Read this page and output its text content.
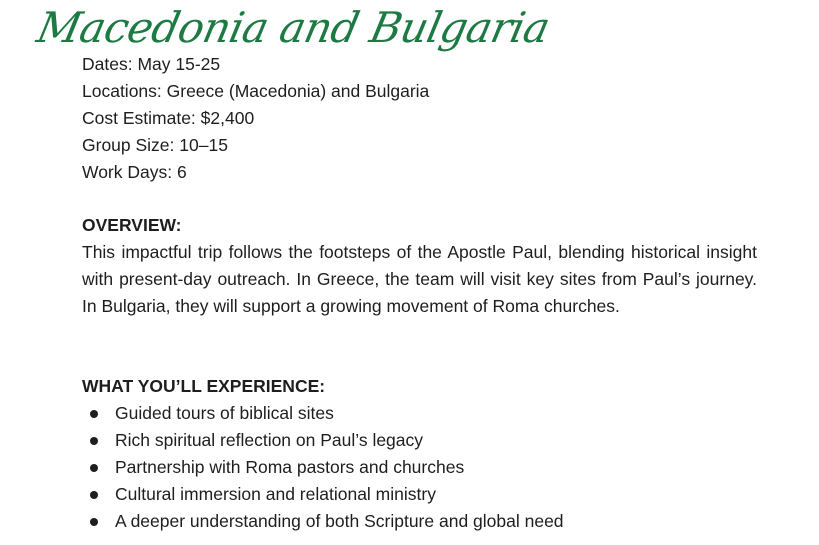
Macedonia and Bulgaria
Dates: May 15-25
Locations: Greece (Macedonia) and Bulgaria
Cost Estimate: $2,400
Group Size: 10–15
Work Days: 6
OVERVIEW:

This impactful trip follows the footsteps of the Apostle Paul, blending historical insight with present-day outreach. In Greece, the team will visit key sites from Paul’s journey. In Bulgaria, they will support a growing movement of Roma churches.

WHAT YOU’LL EXPERIENCE:
Guided tours of biblical sites
Rich spiritual reflection on Paul’s legacy
Partnership with Roma pastors and churches
Cultural immersion and relational ministry
A deeper understanding of both Scripture and global need
